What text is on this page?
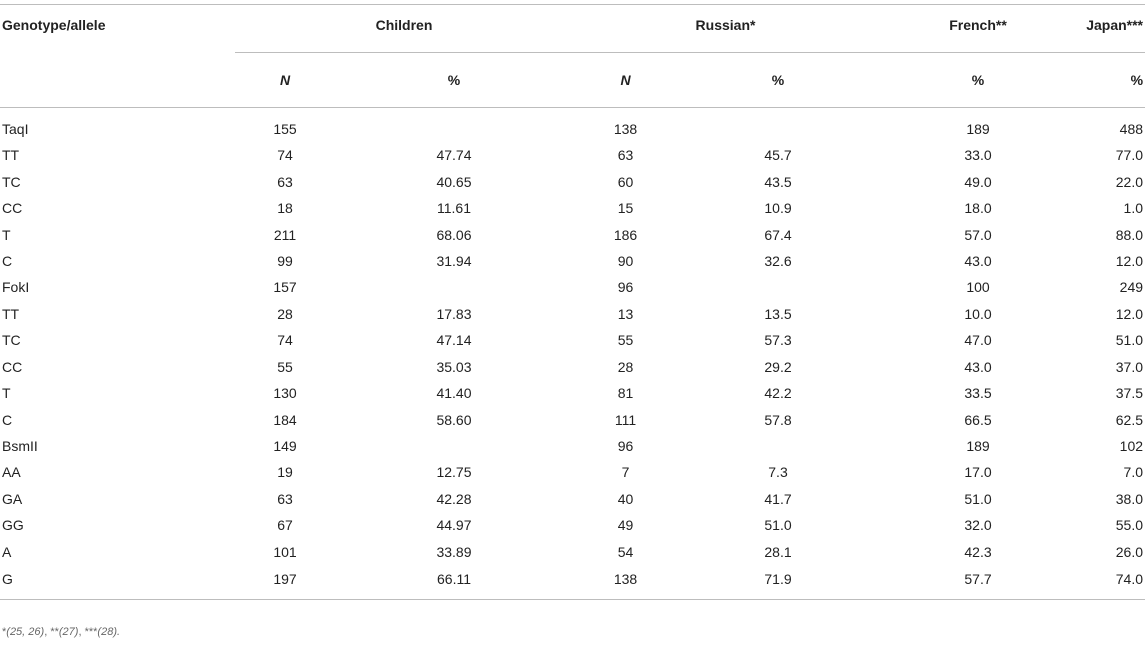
Genotype/allele	Children		Russian*		French**	Japan***
	N	%	N	%	%	%
TaqI	155		138		189	488
TT	74	47.74	63	45.7	33.0	77.0
TC	63	40.65	60	43.5	49.0	22.0
CC	18	11.61	15	10.9	18.0	1.0
T	211	68.06	186	67.4	57.0	88.0
C	99	31.94	90	32.6	43.0	12.0
FokI	157		96		100	249
TT	28	17.83	13	13.5	10.0	12.0
TC	74	47.14	55	57.3	47.0	51.0
CC	55	35.03	28	29.2	43.0	37.0
T	130	41.40	81	42.2	33.5	37.5
C	184	58.60	111	57.8	66.5	62.5
BsmII	149		96		189	102
AA	19	12.75	7	7.3	17.0	7.0
GA	63	42.28	40	41.7	51.0	38.0
GG	67	44.97	49	51.0	32.0	55.0
A	101	33.89	54	28.1	42.3	26.0
G	197	66.11	138	71.9	57.7	74.0
*(25, 26), **(27), ***(28).
